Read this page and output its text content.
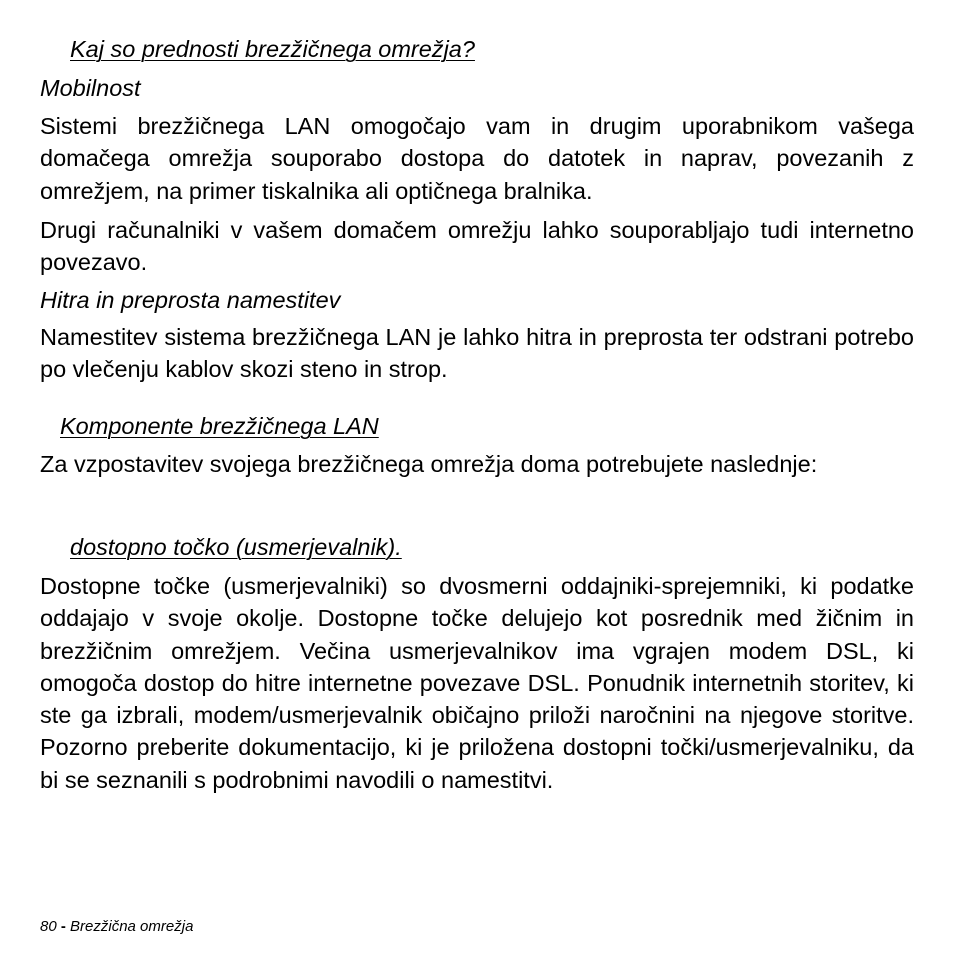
Kaj so prednosti brezžičnega omrežja?
Mobilnost

Sistemi brezžičnega LAN omogočajo vam in drugim uporabnikom vašega domačega omrežja souporabo dostopa do datotek in naprav, povezanih z omrežjem, na primer tiskalnika ali optičnega bralnika.

Drugi računalniki v vašem domačem omrežju lahko souporabljajo tudi internetno povezavo.

Hitra in preprosta namestitev

Namestitev sistema brezžičnega LAN je lahko hitra in preprosta ter odstrani potrebo po vlečenju kablov skozi steno in strop.

Komponente brezžičnega LAN

Za vzpostavitev svojega brezžičnega omrežja doma potrebujete naslednje:

dostopno točko (usmerjevalnik).

Dostopne točke (usmerjevalniki) so dvosmerni oddajniki-sprejemniki, ki podatke oddajajo v svoje okolje. Dostopne točke delujejo kot posrednik med žičnim in brezžičnim omrežjem. Večina usmerjevalnikov ima vgrajen modem DSL, ki omogoča dostop do hitre internetne povezave DSL. Ponudnik internetnih storitev, ki ste ga izbrali, modem/usmerjevalnik običajno priloži naročnini na njegove storitve. Pozorno preberite dokumentacijo, ki je priložena dostopni točki/usmerjevalniku, da bi se seznanili s podrobnimi navodili o namestitvi.

80 - Brezžična omrežja
